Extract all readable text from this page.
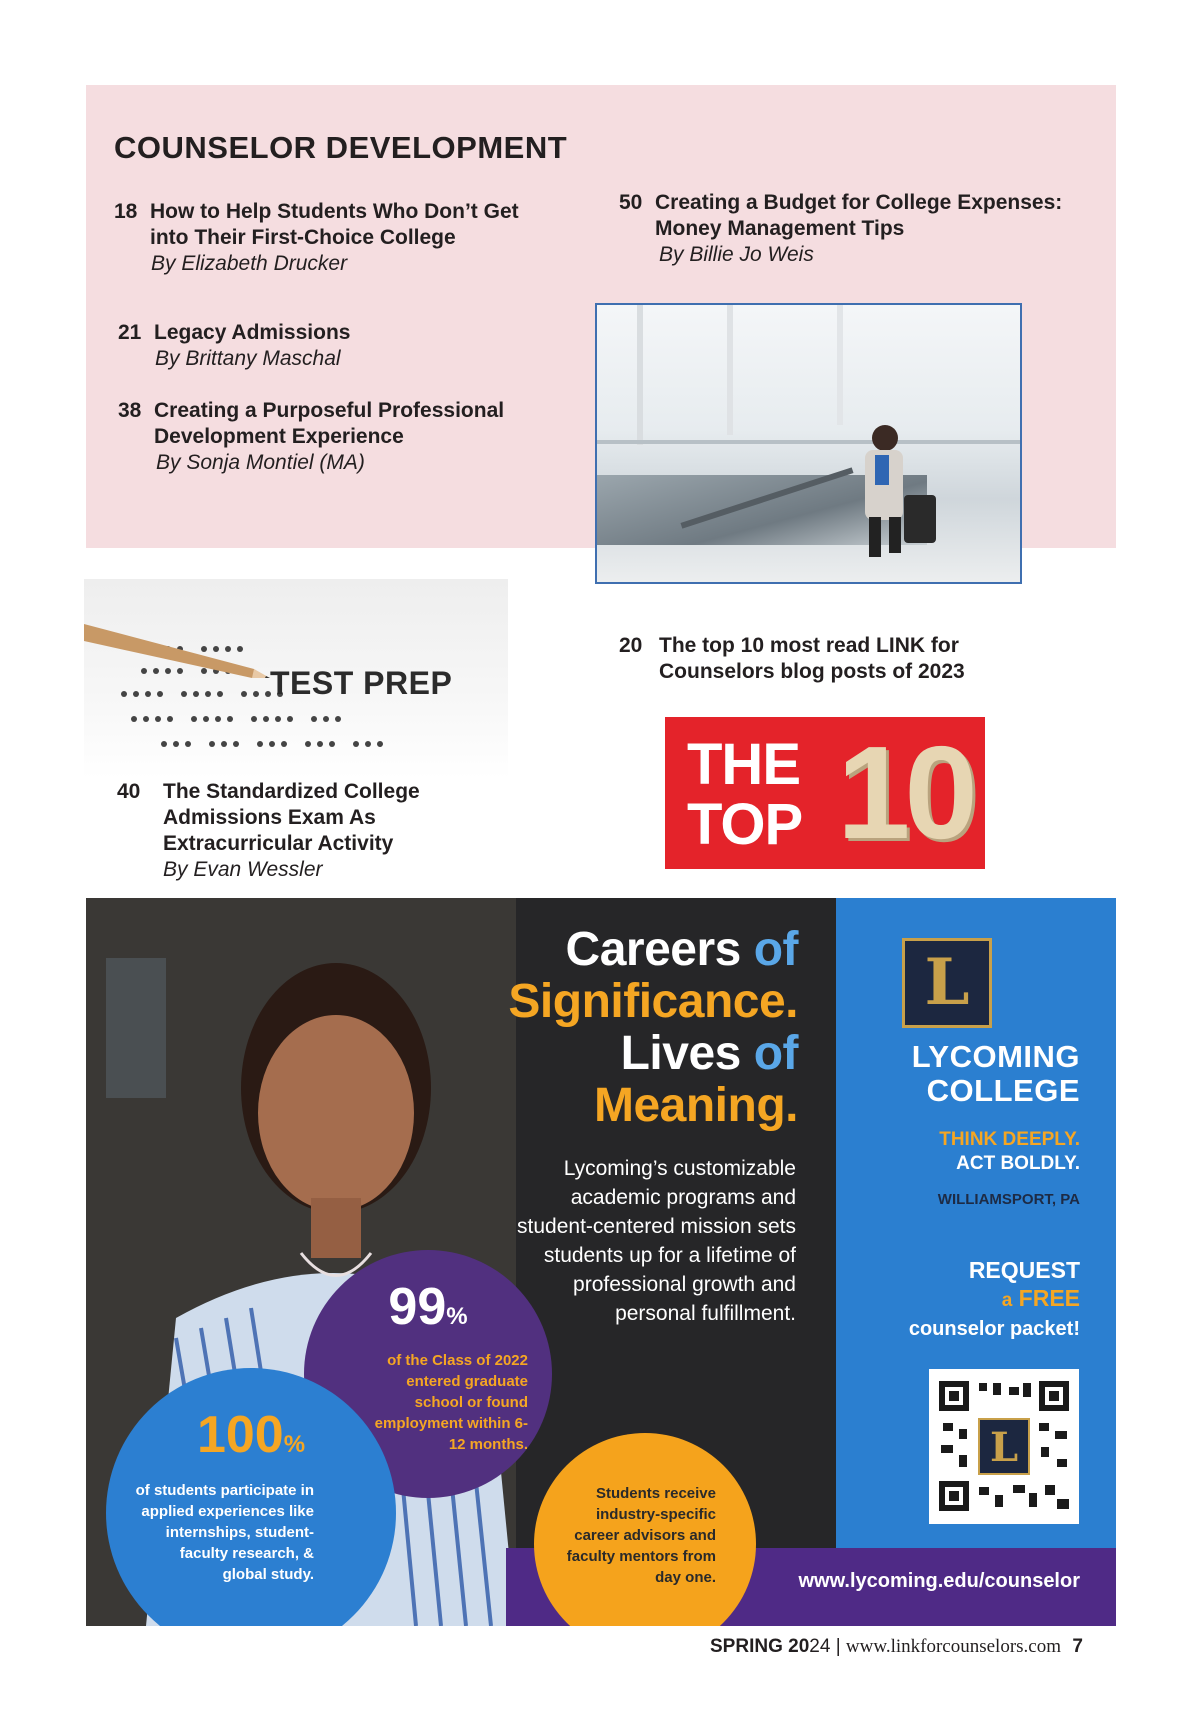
COUNSELOR DEVELOPMENT
18 How to Help Students Who Don’t Get into Their First-Choice College
By Elizabeth Drucker
21 Legacy Admissions
By Brittany Maschal
38 Creating a Purposeful Professional Development Experience
By Sonja Montiel (MA)
50 Creating a Budget for College Expenses: Money Management Tips
By Billie Jo Weis
20 The top 10 most read LINK for Counselors blog posts of 2023
THE
TOP 10
TEST PREP
40	The Standardized College Admissions Exam As Extracurricular Activity
By Evan Wessler
Careers of
Significance.
Lives of
Meaning.
Lycoming’s customizable academic programs and student-centered mission sets students up for a lifetime of professional growth and personal fulfillment.
99%
of the Class of 2022 entered graduate school or found employment within 6-12 months.
100%
of students participate in applied experiences like internships, student-faculty research, & global study.
Students receive industry-specific career advisors and faculty mentors from day one.
L
LYCOMING
COLLEGE
THINK DEEPLY.
ACT BOLDLY.
WILLIAMSPORT, PA
REQUEST
a FREE
counselor packet!
L
www.lycoming.edu/counselor
SPRING 2024 | www.linkforcounselors.com 7
